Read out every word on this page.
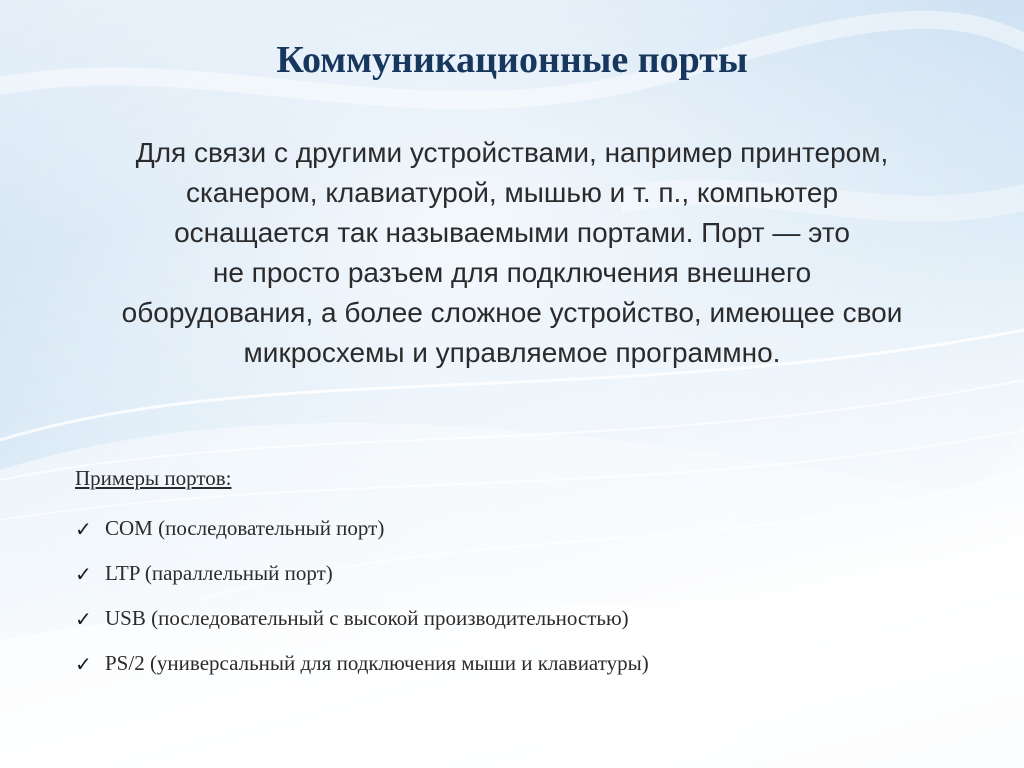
Коммуникационные порты

Для связи с другими устройствами, например принтером,
сканером, клавиатурой, мышью и т. п., компьютер
оснащается так называемыми портами. Порт — это
не просто разъем для подключения внешнего
оборудования, а более сложное устройство, имеющее свои
микросхемы и управляемое программно.

Примеры портов:

✓ COM (последовательный порт)
✓ LTP (параллельный порт)
✓ USB (последовательный с высокой производительностью)
✓ PS/2 (универсальный для подключения мыши и клавиатуры)
